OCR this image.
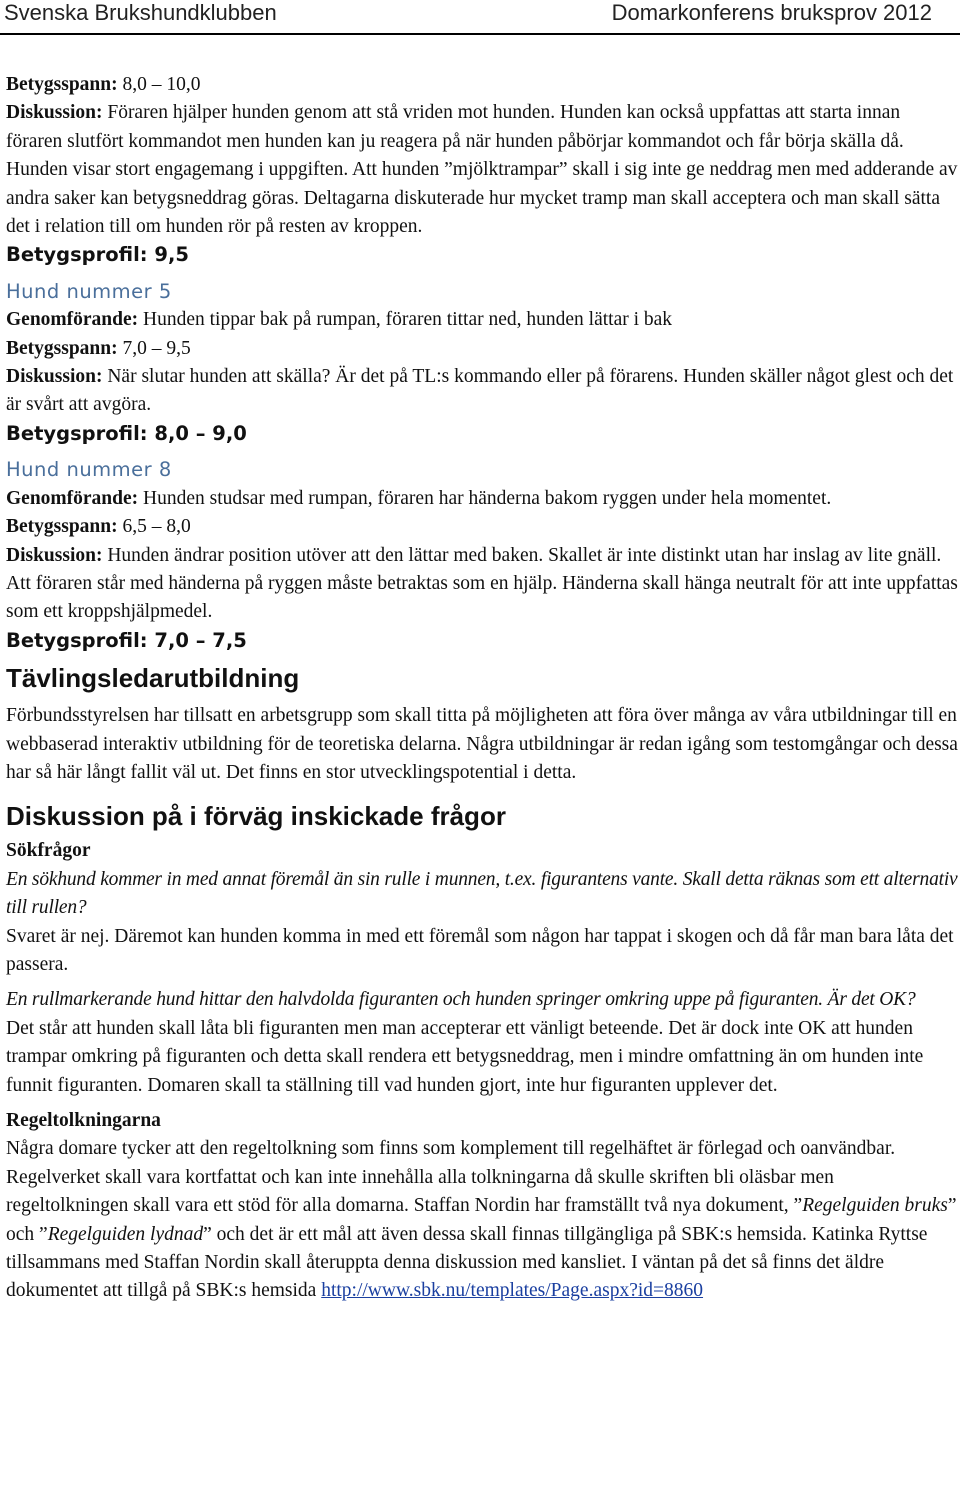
Svenska Brukshundklubben	Domarkonferens bruksprov 2012

Betygsspann: 8,0 – 10,0

Diskussion: Föraren hjälper hunden genom att stå vriden mot hunden. Hunden kan också uppfattas att starta innan föraren slutfört kommandot men hunden kan ju reagera på när hunden påbörjar kommandot och får börja skälla då. Hunden visar stort engagemang i uppgiften. Att hunden ”mjölktrampar” skall i sig inte ge neddrag men med adderande av andra saker kan betygsneddrag göras. Deltagarna diskuterade hur mycket tramp man skall acceptera och man skall sätta det i relation till om hunden rör på resten av kroppen.

Betygsprofil: 9,5

Hund nummer 5

Genomförande: Hunden tippar bak på rumpan, föraren tittar ned, hunden lättar i bak

Betygsspann: 7,0 – 9,5

Diskussion: När slutar hunden att skälla? Är det på TL:s kommando eller på förarens. Hunden skäller något glest och det är svårt att avgöra.

Betygsprofil: 8,0 – 9,0

Hund nummer 8

Genomförande: Hunden studsar med rumpan, föraren har händerna bakom ryggen under hela momentet.

Betygsspann: 6,5 – 8,0

Diskussion: Hunden ändrar position utöver att den lättar med baken. Skallet är inte distinkt utan har inslag av lite gnäll. Att föraren står med händerna på ryggen måste betraktas som en hjälp. Händerna skall hänga neutralt för att inte uppfattas som ett kroppshjälpmedel.

Betygsprofil: 7,0 – 7,5

Tävlingsledarutbildning

Förbundsstyrelsen har tillsatt en arbetsgrupp som skall titta på möjligheten att föra över många av våra utbildningar till en webbaserad interaktiv utbildning för de teoretiska delarna. Några utbildningar är redan igång som testomgångar och dessa har så här långt fallit väl ut. Det finns en stor utvecklingspotential i detta.

Diskussion på i förväg inskickade frågor

Sökfrågor

En sökhund kommer in med annat föremål än sin rulle i munnen, t.ex. figurantens vante. Skall detta räknas som ett alternativ till rullen?

Svaret är nej. Däremot kan hunden komma in med ett föremål som någon har tappat i skogen och då får man bara låta det passera.

En rullmarkerande hund hittar den halvdolda figuranten och hunden springer omkring uppe på figuranten. Är det OK?

Det står att hunden skall låta bli figuranten men man accepterar ett vänligt beteende. Det är dock inte OK att hunden trampar omkring på figuranten och detta skall rendera ett betygsneddrag, men i mindre omfattning än om hunden inte funnit figuranten. Domaren skall ta ställning till vad hunden gjort, inte hur figuranten upplever det.

Regeltolkningarna

Några domare tycker att den regeltolkning som finns som komplement till regelhäftet är förlegad och oanvändbar. Regelverket skall vara kortfattat och kan inte innehålla alla tolkningarna då skulle skriften bli oläsbar men regeltolkningen skall vara ett stöd för alla domarna. Staffan Nordin har framställt två nya dokument, ”Regelguiden bruks” och ”Regelguiden lydnad” och det är ett mål att även dessa skall finnas tillgängliga på SBK:s hemsida. Katinka Ryttse tillsammans med Staffan Nordin skall återuppta denna diskussion med kansliet. I väntan på det så finns det äldre dokumentet att tillgå på SBK:s hemsida http://www.sbk.nu/templates/Page.aspx?id=8860
